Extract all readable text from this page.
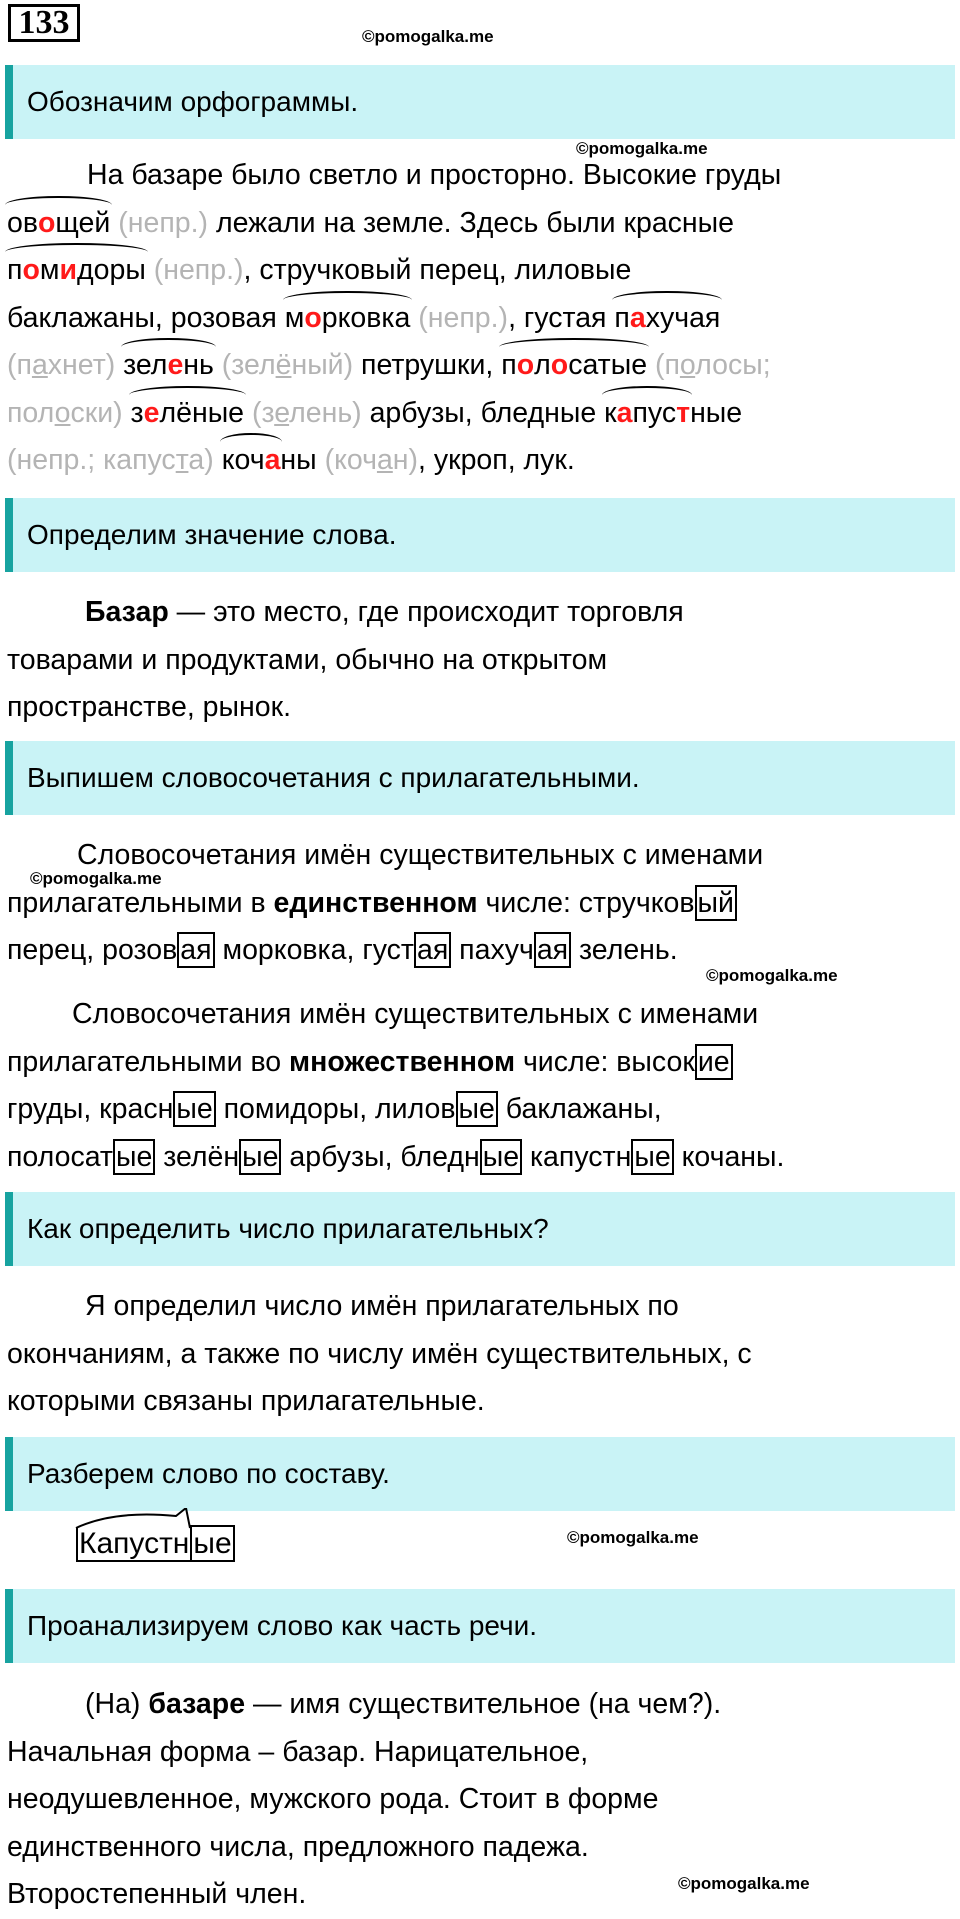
133	©pomogalka.me
Обозначим орфограммы.
©pomogalka.me
На базаре было светло и просторно. Высокие груды
овощей (непр.) лежали на земле. Здесь были красные
помидоры (непр.), стручковый перец, лиловые
баклажаны, розовая морковка (непр.), густая пахучая
(пахнет) зелень (зелёный) петрушки, полосатые (полосы;
полоски) зелёные (зелень) арбузы, бледные капустные
(непр.; капуста) кочаны (кочан), укроп, лук.
Определим значение слова.
Базар — это место, где происходит торговля
товарами и продуктами, обычно на открытом
пространстве, рынок.
Выпишем словосочетания с прилагательными.
©pomogalka.me
Словосочетания имён существительных с именами
прилагательными в единственном числе: стручков ый
перец, розов ая морковка, густ ая пахуч ая зелень.
©pomogalka.me
Словосочетания имён существительных с именами
прилагательными во множественном числе: высок ие
груды, красн ые помидоры, лилов ые баклажаны,
полосат ые зелён ые арбузы, бледн ые капустн ые кочаны.
Как определить число прилагательных?
Я определил число имён прилагательных по
окончаниям, а также по числу имён существительных, с
которыми связаны прилагательные.
Разберем слово по составу.
Капустн ые	©pomogalka.me
Проанализируем слово как часть речи.
(На) базаре — имя существительное (на чем?).
Начальная форма – базар. Нарицательное,
неодушевленное, мужского рода. Стоит в форме
единственного числа, предложного падежа.
Второстепенный член.	©pomogalka.me
